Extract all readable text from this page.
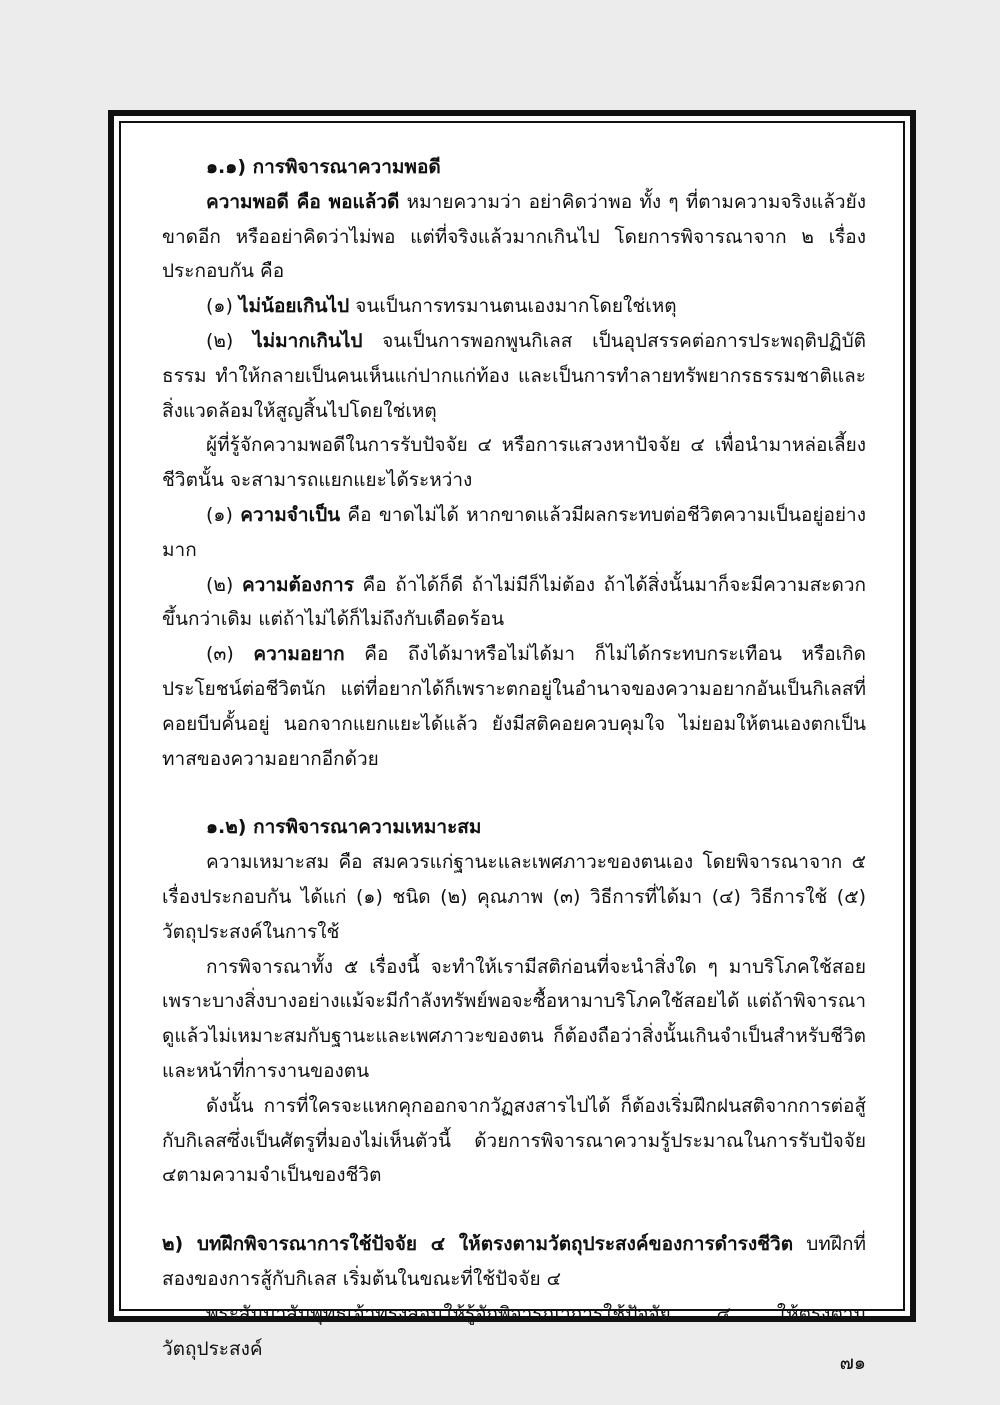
๑.๑) การพิจารณาความพอดี

ความพอดี คือ พอแล้วดี หมายความว่า อย่าคิดว่าพอ ทั้ง ๆ ที่ตามความจริงแล้วยังขาดอีก หรืออย่าคิดว่าไม่พอ แต่ที่จริงแล้วมากเกินไป โดยการพิจารณาจาก ๒ เรื่องประกอบกัน คือ

(๑) ไม่น้อยเกินไป จนเป็นการทรมานตนเองมากโดยใช่เหตุ

(๒) ไม่มากเกินไป จนเป็นการพอกพูนกิเลส เป็นอุปสรรคต่อการประพฤติปฏิบัติธรรม ทำให้กลายเป็นคนเห็นแก่ปากแก่ท้อง และเป็นการทำลายทรัพยากรธรรมชาติและสิ่งแวดล้อมให้สูญสิ้นไปโดยใช่เหตุ

ผู้ที่รู้จักความพอดีในการรับปัจจัย ๔ หรือการแสวงหาปัจจัย ๔ เพื่อนำมาหล่อเลี้ยงชีวิตนั้น จะสามารถแยกแยะได้ระหว่าง

(๑) ความจำเป็น คือ ขาดไม่ได้ หากขาดแล้วมีผลกระทบต่อชีวิตความเป็นอยู่อย่างมาก

(๒) ความต้องการ คือ ถ้าได้ก็ดี ถ้าไม่มีก็ไม่ต้อง ถ้าได้สิ่งนั้นมาก็จะมีความสะดวกขึ้นกว่าเดิม แต่ถ้าไม่ได้ก็ไม่ถึงกับเดือดร้อน

(๓) ความอยาก คือ ถึงได้มาหรือไม่ได้มา ก็ไม่ได้กระทบกระเทือน หรือเกิดประโยชน์ต่อชีวิตนัก แต่ที่อยากได้ก็เพราะตกอยู่ในอำนาจของความอยากอันเป็นกิเลสที่คอยบีบคั้นอยู่ นอกจากแยกแยะได้แล้ว ยังมีสติคอยควบคุมใจ ไม่ยอมให้ตนเองตกเป็นทาสของความอยากอีกด้วย

๑.๒) การพิจารณาความเหมาะสม

ความเหมาะสม คือ สมควรแก่ฐานะและเพศภาวะของตนเอง โดยพิจารณาจาก ๕ เรื่องประกอบกัน ได้แก่ (๑) ชนิด (๒) คุณภาพ (๓) วิธีการที่ได้มา (๔) วิธีการใช้ (๕) วัตถุประสงค์ในการใช้

การพิจารณาทั้ง ๕ เรื่องนี้ จะทำให้เรามีสติก่อนที่จะนำสิ่งใด ๆ มาบริโภคใช้สอย เพราะบางสิ่งบางอย่างแม้จะมีกำลังทรัพย์พอจะซื้อหามาบริโภคใช้สอยได้ แต่ถ้าพิจารณาดูแล้วไม่เหมาะสมกับฐานะและเพศภาวะของตน ก็ต้องถือว่าสิ่งนั้นเกินจำเป็นสำหรับชีวิตและหน้าที่การงานของตน

ดังนั้น การที่ใครจะแหกคุกออกจากวัฏสงสารไปได้ ก็ต้องเริ่มฝึกฝนสติจากการต่อสู้กับกิเลสซึ่งเป็นศัตรูที่มองไม่เห็นตัวนี้ ด้วยการพิจารณาความรู้ประมาณในการรับปัจจัย ๔ตามความจำเป็นของชีวิต

๒) บทฝึกพิจารณาการใช้ปัจจัย ๔ ให้ตรงตามวัตถุประสงค์ของการดำรงชีวิต บทฝึกที่สองของการสู้กับกิเลส เริ่มต้นในขณะที่ใช้ปัจจัย ๔

พระสัมมาสัมพุทธเจ้าทรงสอนให้รู้จักพิจารณาการใช้ปัจจัย ๔ ให้ตรงตามวัตถุประสงค์

๗๑
